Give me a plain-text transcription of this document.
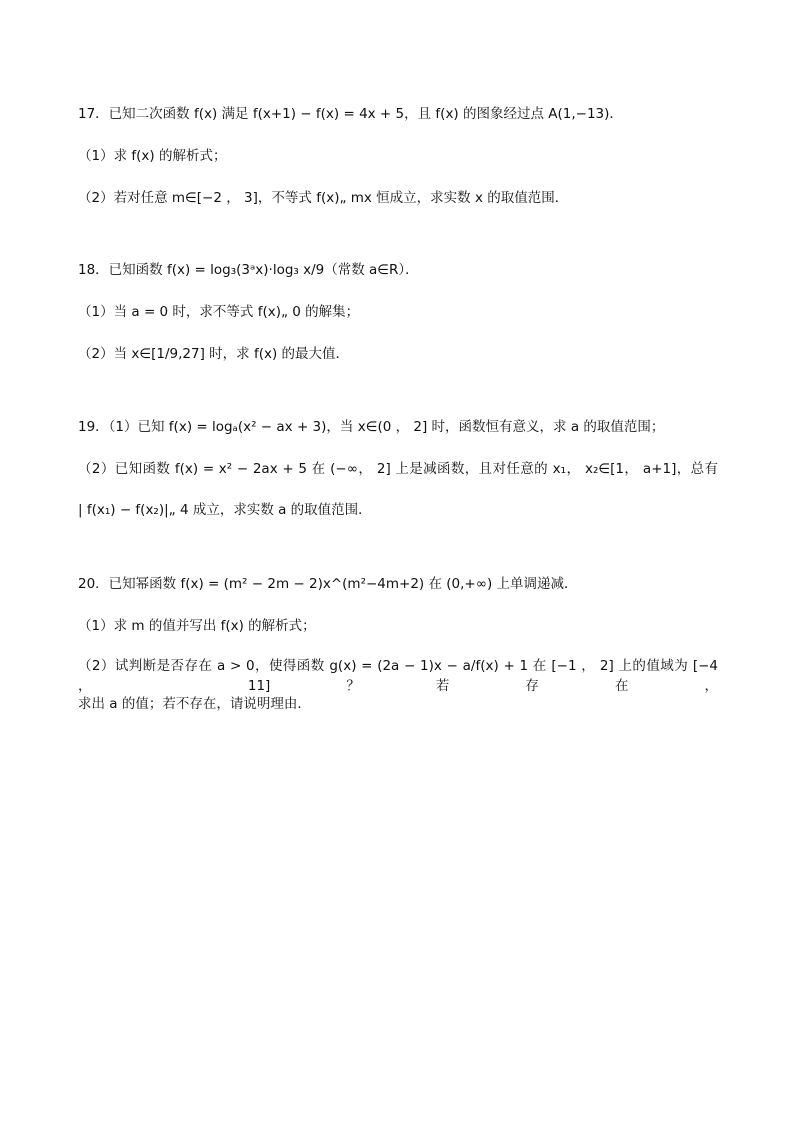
17．已知二次函数 f(x) 满足 f(x+1) − f(x) = 4x + 5，且 f(x) 的图象经过点 A(1,−13)．
（1）求 f(x) 的解析式；
（2）若对任意 m∈[−2 ， 3]，不等式 f(x)„ mx 恒成立，求实数 x 的取值范围．
18．已知函数 f(x) = log₃(3ᵃx)·log₃ x/9（常数 a∈R）．
（1）当 a = 0 时，求不等式 f(x)„ 0 的解集；
（2）当 x∈[1/9,27] 时，求 f(x) 的最大值．
19．（1）已知 f(x) = logₐ(x² − ax + 3)，当 x∈(0 ， 2] 时，函数恒有意义，求 a 的取值范围；
（2）已知函数 f(x) = x² − 2ax + 5 在 (−∞， 2] 上是减函数，且对任意的 x₁， x₂∈[1， a+1]，总有
| f(x₁) − f(x₂)|„ 4 成立，求实数 a 的取值范围．
20．已知幂函数 f(x) = (m² − 2m − 2)x^(m²−4m+2) 在 (0,+∞) 上单调递减．
（1）求 m 的值并写出 f(x) 的解析式；
（2）试判断是否存在 a > 0，使得函数 g(x) = (2a − 1)x − a/f(x) + 1 在 [−1 ， 2] 上的值域为 [−4 ， 11]？若存在，
求出 a 的值；若不存在，请说明理由．
